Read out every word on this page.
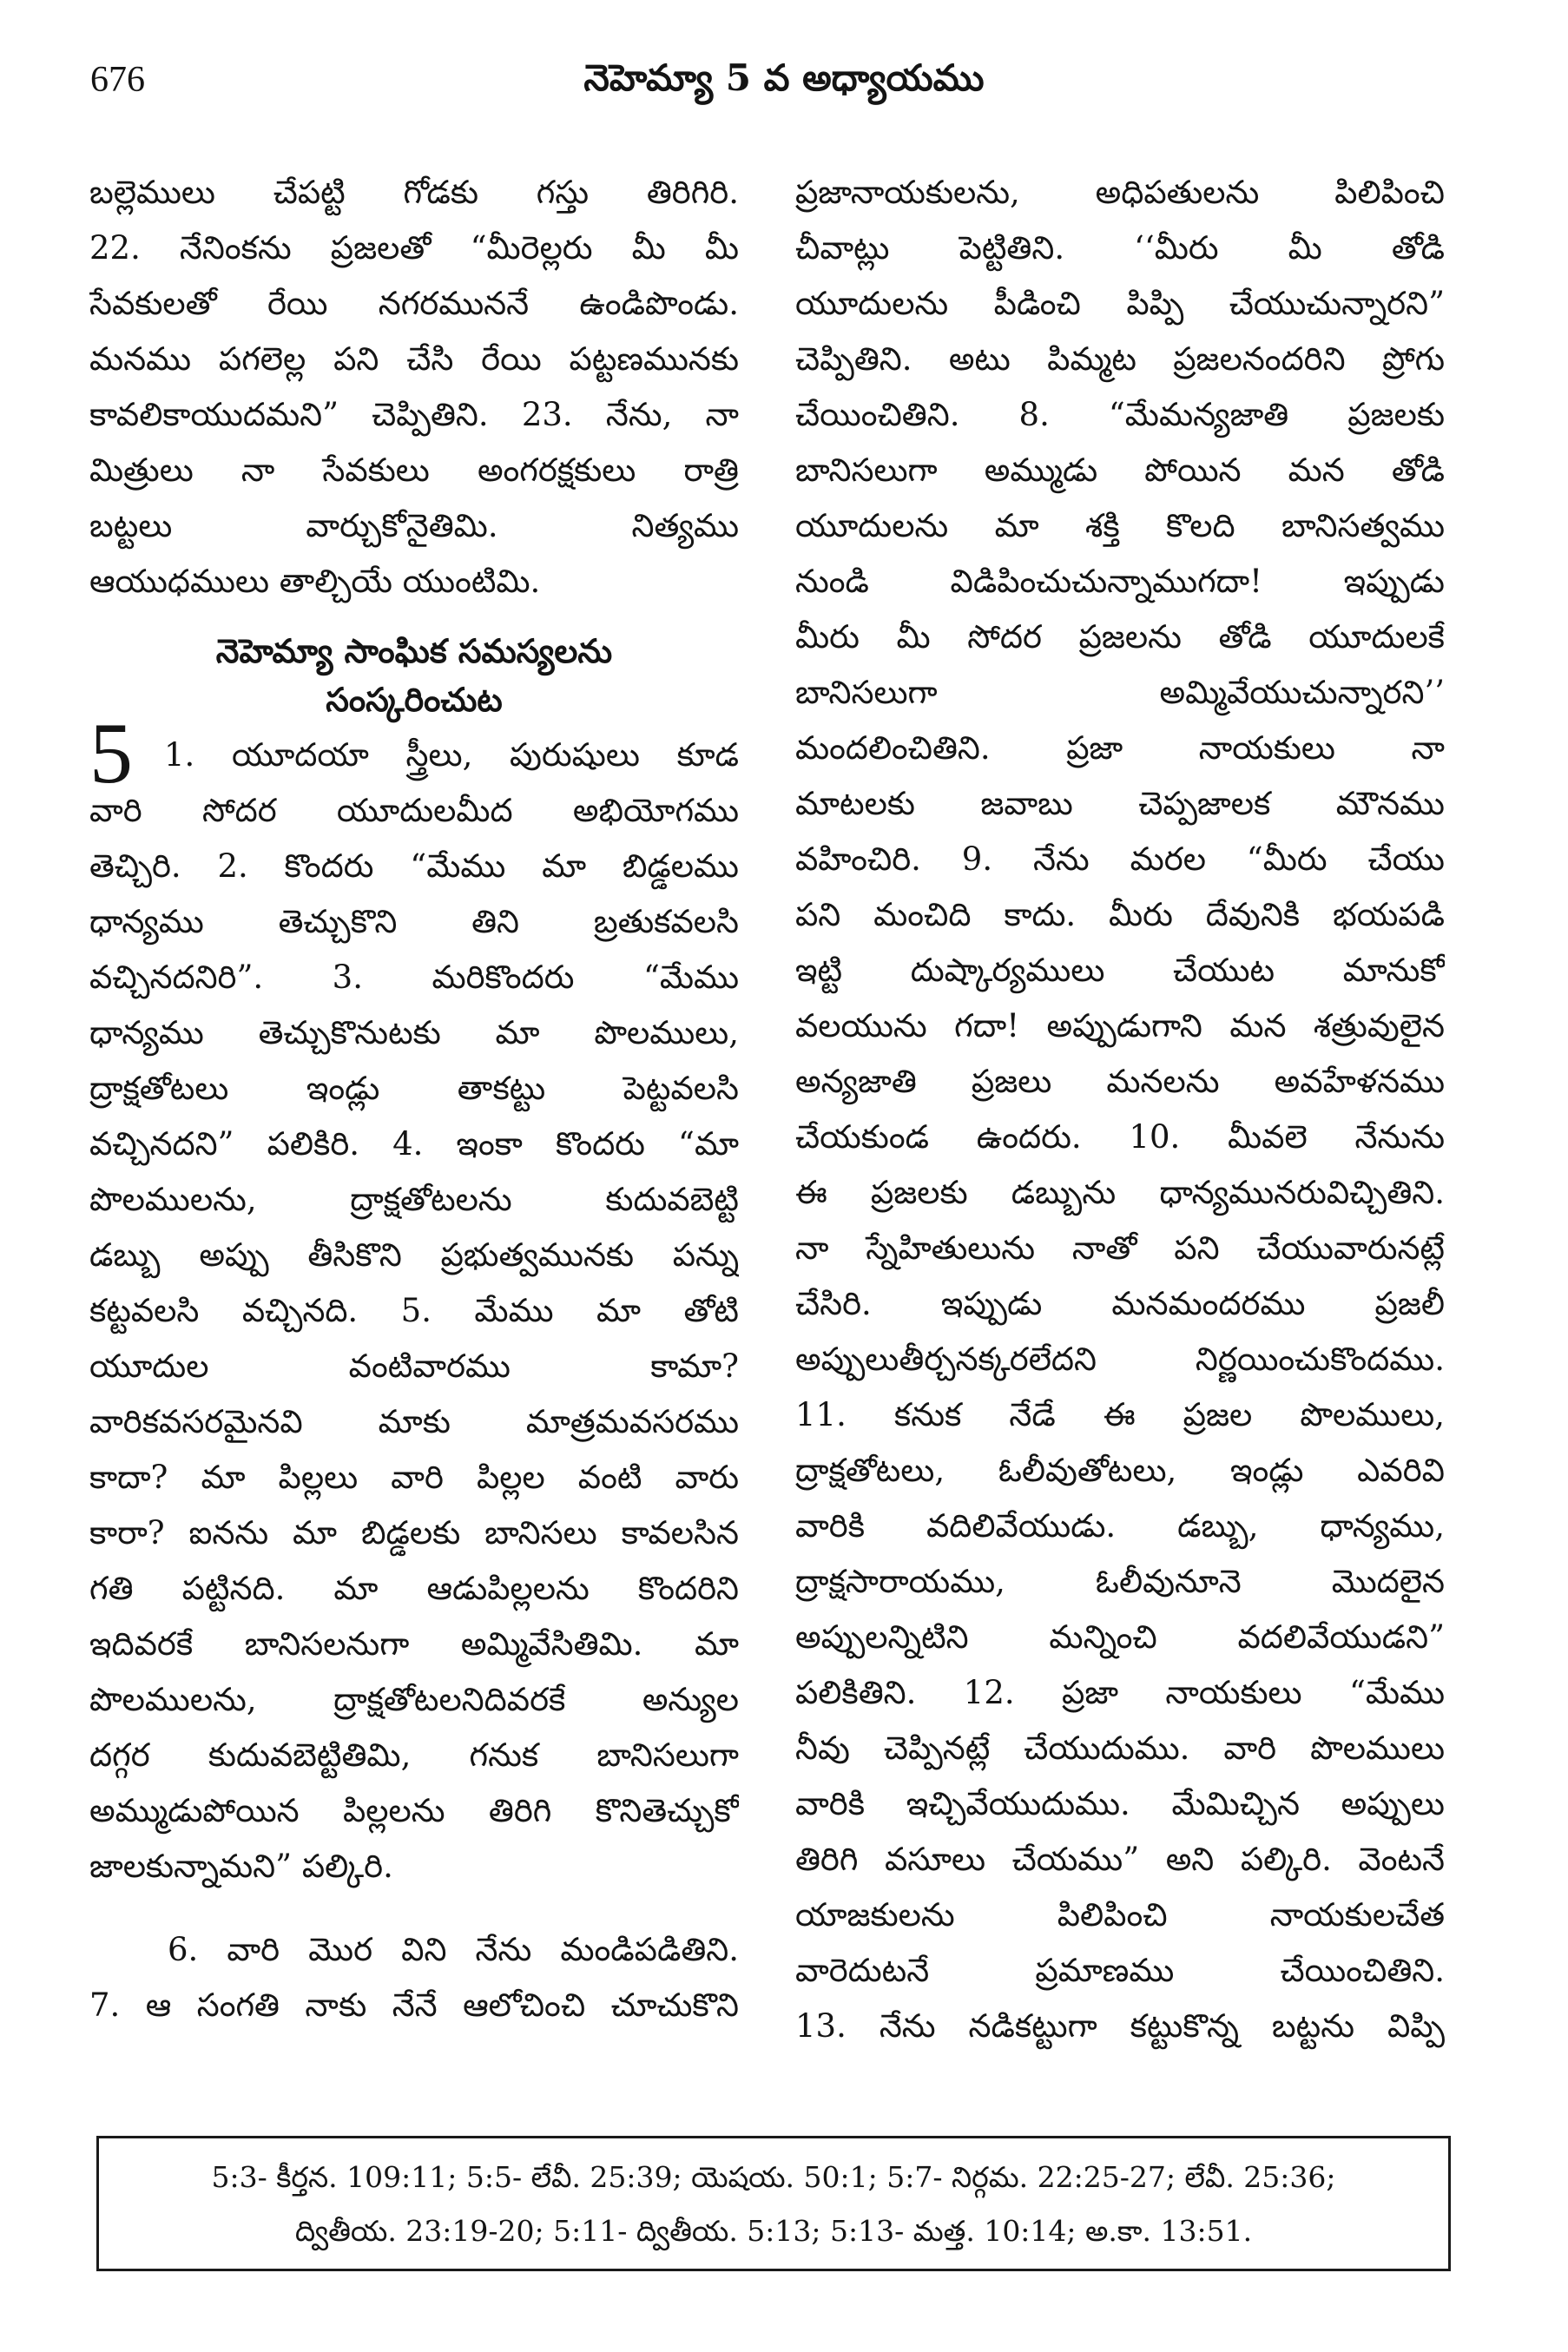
676	నెహెమ్యా 5 వ అధ్యాయము
బల్లెములు చేపట్టి గోడకు గస్తు తిరిగిరి.
22. నేనింకను ప్రజలతో “మీరెల్లరు మీ మీ
సేవకులతో రేయి నగరముననే ఉండిపొండు.
మనము పగలెల్ల పని చేసి రేయి పట్టణమునకు
కావలికాయుదమని” చెప్పితిని. 23. నేను, నా
మిత్రులు నా సేవకులు అంగరక్షకులు రాత్రి
బట్టలు వార్చుకోనైతిమి. నిత్యము
ఆయుధములు తాల్చియే యుంటిమి.
నెహెమ్యా సాంఘిక సమస్యలను
సంస్కరించుట
5 1. యూదయా స్త్రీలు, పురుషులు కూడ
వారి సోదర యూదులమీద అభియోగము
తెచ్చిరి. 2. కొందరు “మేము మా బిడ్డలము
ధాన్యము తెచ్చుకొని తిని బ్రతుకవలసి
వచ్చినదనిరి”. 3. మరికొందరు “మేము
ధాన్యము తెచ్చుకొనుటకు మా పొలములు,
ద్రాక్షతోటలు ఇండ్లు తాకట్టు పెట్టవలసి
వచ్చినదని” పలికిరి. 4. ఇంకా కొందరు “మా
పొలములను, ద్రాక్షతోటలను కుదువబెట్టి
డబ్బు అప్పు తీసికొని ప్రభుత్వమునకు పన్ను
కట్టవలసి వచ్చినది. 5. మేము మా తోటి
యూదుల వంటివారము కామా?
వారికవసరమైనవి మాకు మాత్రమవసరము
కాదా? మా పిల్లలు వారి పిల్లల వంటి వారు
కారా? ఐనను మా బిడ్డలకు బానిసలు కావలసిన
గతి పట్టినది. మా ఆడుపిల్లలను కొందరిని
ఇదివరకే బానిసలనుగా అమ్మివేసితిమి. మా
పొలములను, ద్రాక్షతోటలనిదివరకే అన్యుల
దగ్గర కుదువబెట్టితిమి, గనుక బానిసలుగా
అమ్ముడుపోయిన పిల్లలను తిరిగి కొనితెచ్చుకో
జాలకున్నామని” పల్కిరి.
6. వారి మొర విని నేను మండిపడితిని.
7. ఆ సంగతి నాకు నేనే ఆలోచించి చూచుకొని
ప్రజానాయకులను, అధిపతులను పిలిపించి
చీవాట్లు పెట్టితిని. ‘‘మీరు మీ తోడి
యూదులను పీడించి పిప్పి చేయుచున్నారని”
చెప్పితిని. అటు పిమ్మట ప్రజలనందరిని ప్రోగు
చేయించితిని. 8. “మేమన్యజాతి ప్రజలకు
బానిసలుగా అమ్ముడు పోయిన మన తోడి
యూదులను మా శక్తి కొలది బానిసత్వము
నుండి విడిపించుచున్నాముగదా! ఇప్పుడు
మీరు మీ సోదర ప్రజలను తోడి యూదులకే
బానిసలుగా అమ్మివేయుచున్నారని’’
మందలించితిని. ప్రజా నాయకులు నా
మాటలకు జవాబు చెప్పజాలక మౌనము
వహించిరి. 9. నేను మరల “మీరు చేయు
పని మంచిది కాదు. మీరు దేవునికి భయపడి
ఇట్టి దుష్కార్యములు చేయుట మానుకో
వలయును గదా! అప్పుడుగాని మన శత్రువులైన
అన్యజాతి ప్రజలు మనలను అవహేళనము
చేయకుండ ఉందరు. 10. మీవలె నేనును
ఈ ప్రజలకు డబ్బును ధాన్యమునరువిచ్చితిని.
నా స్నేహితులును నాతో పని చేయువారునట్లే
చేసిరి. ఇప్పుడు మనమందరము ప్రజలీ
అప్పులుతీర్చనక్కరలేదని నిర్ణయించుకొందము.
11. కనుక నేడే ఈ ప్రజల పొలములు,
ద్రాక్షతోటలు, ఓలీవుతోటలు, ఇండ్లు ఎవరివి
వారికి వదిలివేయుడు. డబ్బు, ధాన్యము,
ద్రాక్షసారాయము, ఓలీవునూనె మొదలైన
అప్పులన్నిటిని మన్నించి వదలివేయుడని”
పలికితిని. 12. ప్రజా నాయకులు “మేము
నీవు చెప్పినట్లే చేయుదుము. వారి పొలములు
వారికి ఇచ్చివేయుదుము. మేమిచ్చిన అప్పులు
తిరిగి వసూలు చేయము” అని పల్కిరి. వెంటనే
యాజకులను పిలిపించి నాయకులచేత
వారెదుటనే ప్రమాణము చేయించితిని.
13. నేను నడికట్టుగా కట్టుకొన్న బట్టను విప్పి
5:3- కీర్తన. 109:11; 5:5- లేవీ. 25:39; యెషయ. 50:1; 5:7- నిర్గమ. 22:25-27; లేవీ. 25:36;
ద్వితీయ. 23:19-20; 5:11- ద్వితీయ. 5:13; 5:13- మత్త. 10:14; అ.కా. 13:51.
